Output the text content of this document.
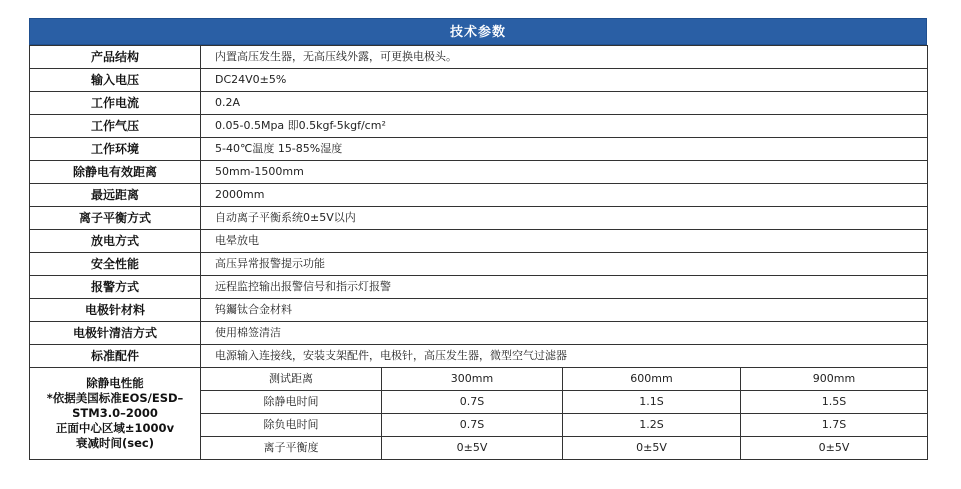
技术参数
产品结构	内置高压发生器，无高压线外露，可更换电极头。			
输入电压	DC24V0±5%			
工作电流	0.2A			
工作气压	0.05-0.5Mpa 即0.5kgf-5kgf/cm²			
工作环境	5-40℃温度 15-85%湿度			
除静电有效距离	50mm-1500mm			
最远距离	2000mm			
离子平衡方式	自动离子平衡系统0±5V以内			
放电方式	电晕放电			
安全性能	高压异常报警提示功能			
报警方式	远程监控输出报警信号和指示灯报警			
电极针材料	钨钃钛合金材料			
电极针清洁方式	使用棉签清洁			
标准配件	电源输入连接线，安装支架配件，电极针，高压发生器，微型空气过滤器			

除静电性能
*依据美国标准EOS/ESD–
STM3.0–2000
正面中心区域±1000v
衰减时间(sec)	测试距离	300mm	600mm	900mm
	除静电时间	0.7S	1.1S	1.5S
	除负电时间	0.7S	1.2S	1.7S
	离子平衡度	0±5V	0±5V	0±5V
